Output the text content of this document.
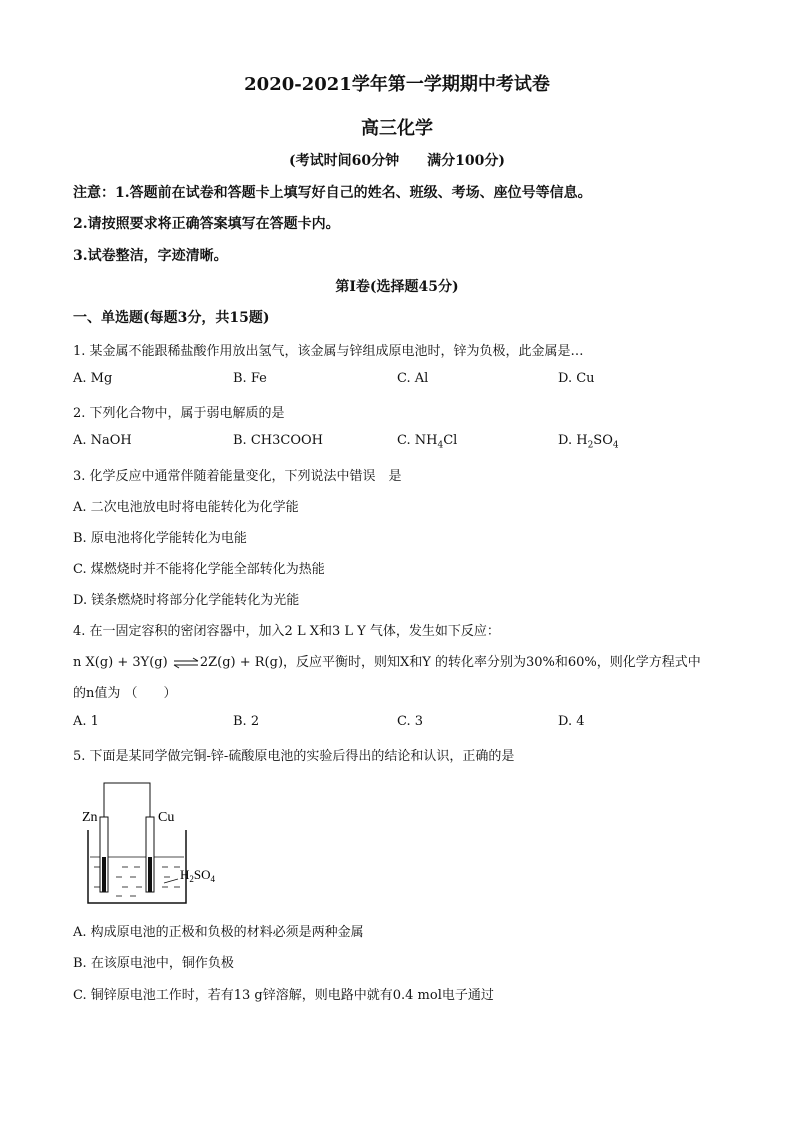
2020-2021学年第一学期期中考试卷
高三化学
(考试时间60分钟　　满分100分)
注意：1.答题前在试卷和答题卡上填写好自己的姓名、班级、考场、座位号等信息。
2.请按照要求将正确答案填写在答题卡内。
3.试卷整洁，字迹清晰。
第I卷(选择题45分)
一、单选题(每题3分，共15题)
1. 某金属不能跟稀盐酸作用放出氢气，该金属与锌组成原电池时，锌为负极，此金属是…
A. Mg	B. Fe	C. Al	D. Cu
2. 下列化合物中，属于弱电解质的是
A. NaOH	B. CH3COOH	C. $NH_4Cl$	D. $H_2SO_4$
3. 化学反应中通常伴随着能量变化，下列说法中错误　是
A. 二次电池放电时将电能转化为化学能
B. 原电池将化学能转化为电能
C. 煤燃烧时并不能将化学能全部转化为热能
D. 镁条燃烧时将部分化学能转化为光能
4. 在一固定容积的密闭容器中，加入2 L X和3 L Y 气体，发生如下反应：
n X(g) + 3Y(g) ⇌2Z(g) + R(g)，反应平衡时，则知X和Y 的转化率分别为30%和60%，则化学方程式中
的n值为 （　　）
A. 1	B. 2	C. 3	D. 4
5. 下面是某同学做完铜-锌-硫酸原电池的实验后得出的结论和认识，正确的是
Zn	Cu
$H_2SO_4$
A. 构成原电池的正极和负极的材料必须是两种金属
B. 在该原电池中，铜作负极
C. 铜锌原电池工作时，若有13 g锌溶解，则电路中就有0.4 mol电子通过
